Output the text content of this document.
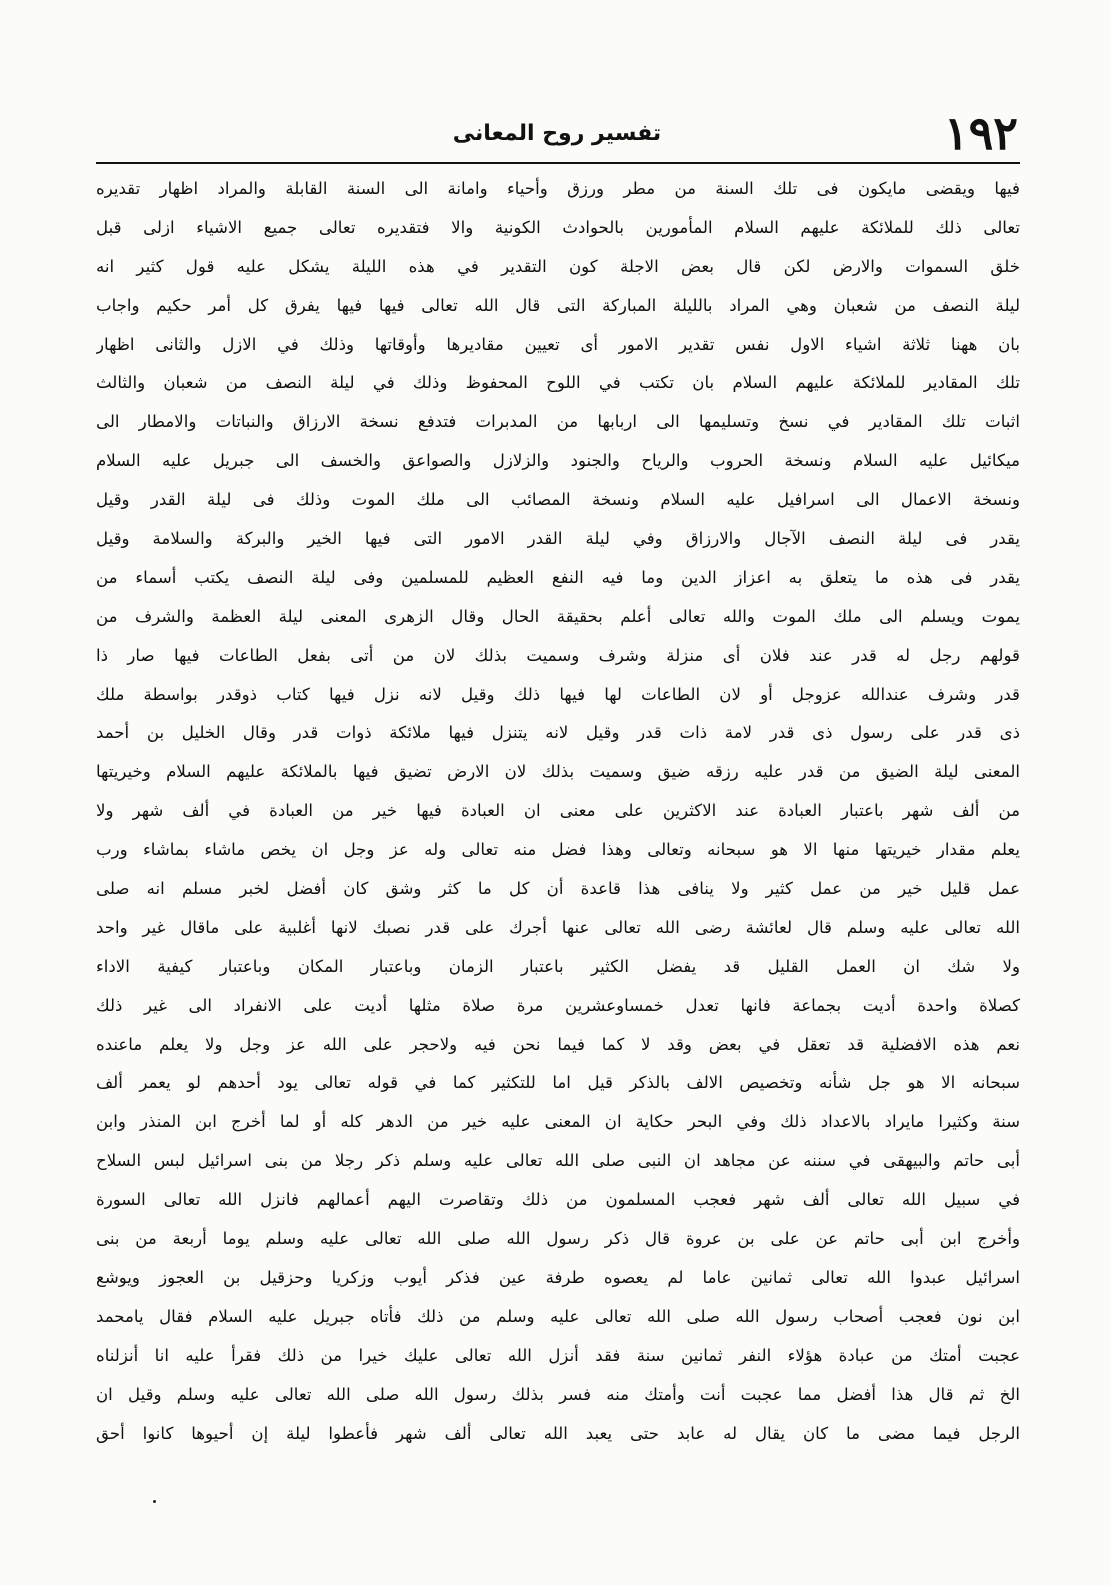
١٩٢
تفسير روح المعانى
فيها ويقضى مايكون فى تلك السنة من مطر ورزق وأحياء وامانة الى السنة القابلة والمراد اظهار تقديره
تعالى ذلك للملائكة عليهم السلام المأمورين بالحوادث الكونية والا فتقديره تعالى جميع الاشياء ازلى قبل
خلق السموات والارض لكن قال بعض الاجلة كون التقدير في هذه الليلة يشكل عليه قول كثير انه
ليلة النصف من شعبان وهي المراد بالليلة المباركة التى قال الله تعالى فيها فيها يفرق كل أمر حكيم واجاب
بان ههنا ثلاثة اشياء الاول نفس تقدير الامور أى تعيين مقاديرها وأوقاتها وذلك في الازل والثانى اظهار
تلك المقادير للملائكة عليهم السلام بان تكتب في اللوح المحفوظ وذلك في ليلة النصف من شعبان والثالث
اثبات تلك المقادير في نسخ وتسليمها الى اربابها من المدبرات فتدفع نسخة الارزاق والنباتات والامطار الى
ميكائيل عليه السلام ونسخة الحروب والرياح والجنود والزلازل والصواعق والخسف الى جبريل عليه السلام
ونسخة الاعمال الى اسرافيل عليه السلام ونسخة المصائب الى ملك الموت وذلك فى ليلة القدر وقيل
يقدر فى ليلة النصف الآجال والارزاق وفي ليلة القدر الامور التى فيها الخير والبركة والسلامة وقيل
يقدر فى هذه ما يتعلق به اعزاز الدين وما فيه النفع العظيم للمسلمين وفى ليلة النصف يكتب أسماء من
يموت ويسلم الى ملك الموت والله تعالى أعلم بحقيقة الحال وقال الزهرى المعنى ليلة العظمة والشرف من
قولهم رجل له قدر عند فلان أى منزلة وشرف وسميت بذلك لان من أتى بفعل الطاعات فيها صار ذا
قدر وشرف عندالله عزوجل أو لان الطاعات لها فيها ذلك وقيل لانه نزل فيها كتاب ذوقدر بواسطة ملك
ذى قدر على رسول ذى قدر لامة ذات قدر وقيل لانه يتنزل فيها ملائكة ذوات قدر وقال الخليل بن أحمد
المعنى ليلة الضيق من قدر عليه رزقه ضيق وسميت بذلك لان الارض تضيق فيها بالملائكة عليهم السلام وخيريتها
من ألف شهر باعتبار العبادة عند الاكثرين على معنى ان العبادة فيها خير من العبادة في ألف شهر ولا
يعلم مقدار خيريتها منها الا هو سبحانه وتعالى وهذا فضل منه تعالى وله عز وجل ان يخص ماشاء بماشاء ورب
عمل قليل خير من عمل كثير ولا ينافى هذا قاعدة أن كل ما كثر وشق كان أفضل لخبر مسلم انه صلى
الله تعالى عليه وسلم قال لعائشة رضى الله تعالى عنها أجرك على قدر نصبك لانها أغلبية على ماقال غير واحد
ولا شك ان العمل القليل قد يفضل الكثير باعتبار الزمان وباعتبار المكان وباعتبار كيفية الاداء
كصلاة واحدة أديت بجماعة فانها تعدل خمساوعشرين مرة صلاة مثلها أديت على الانفراد الى غير ذلك
نعم هذه الافضلية قد تعقل في بعض وقد لا كما فيما نحن فيه ولاحجر على الله عز وجل ولا يعلم ماعنده
سبحانه الا هو جل شأنه وتخصيص الالف بالذكر قيل اما للتكثير كما في قوله تعالى يود أحدهم لو يعمر ألف
سنة وكثيرا مايراد بالاعداد ذلك وفي البحر حكاية ان المعنى عليه خير من الدهر كله أو لما أخرج ابن المنذر وابن
أبى حاتم والبيهقى في سننه عن مجاهد ان النبى صلى الله تعالى عليه وسلم ذكر رجلا من بنى اسرائيل لبس السلاح
في سبيل الله تعالى ألف شهر فعجب المسلمون من ذلك وتقاصرت اليهم أعمالهم فانزل الله تعالى السورة
وأخرج ابن أبى حاتم عن على بن عروة قال ذكر رسول الله صلى الله تعالى عليه وسلم يوما أربعة من بنى
اسرائيل عبدوا الله تعالى ثمانين عاما لم يعصوه طرفة عين فذكر أيوب وزكريا وحزقيل بن العجوز ويوشع
ابن نون فعجب أصحاب رسول الله صلى الله تعالى عليه وسلم من ذلك فأتاه جبريل عليه السلام فقال يامحمد
عجبت أمتك من عبادة هؤلاء النفر ثمانين سنة فقد أنزل الله تعالى عليك خيرا من ذلك فقرأ عليه انا أنزلناه
الخ ثم قال هذا أفضل مما عجبت أنت وأمتك منه فسر بذلك رسول الله صلى الله تعالى عليه وسلم وقيل ان
الرجل فيما مضى ما كان يقال له عابد حتى يعبد الله تعالى ألف شهر فأعطوا ليلة إن أحيوها كانوا أحق
